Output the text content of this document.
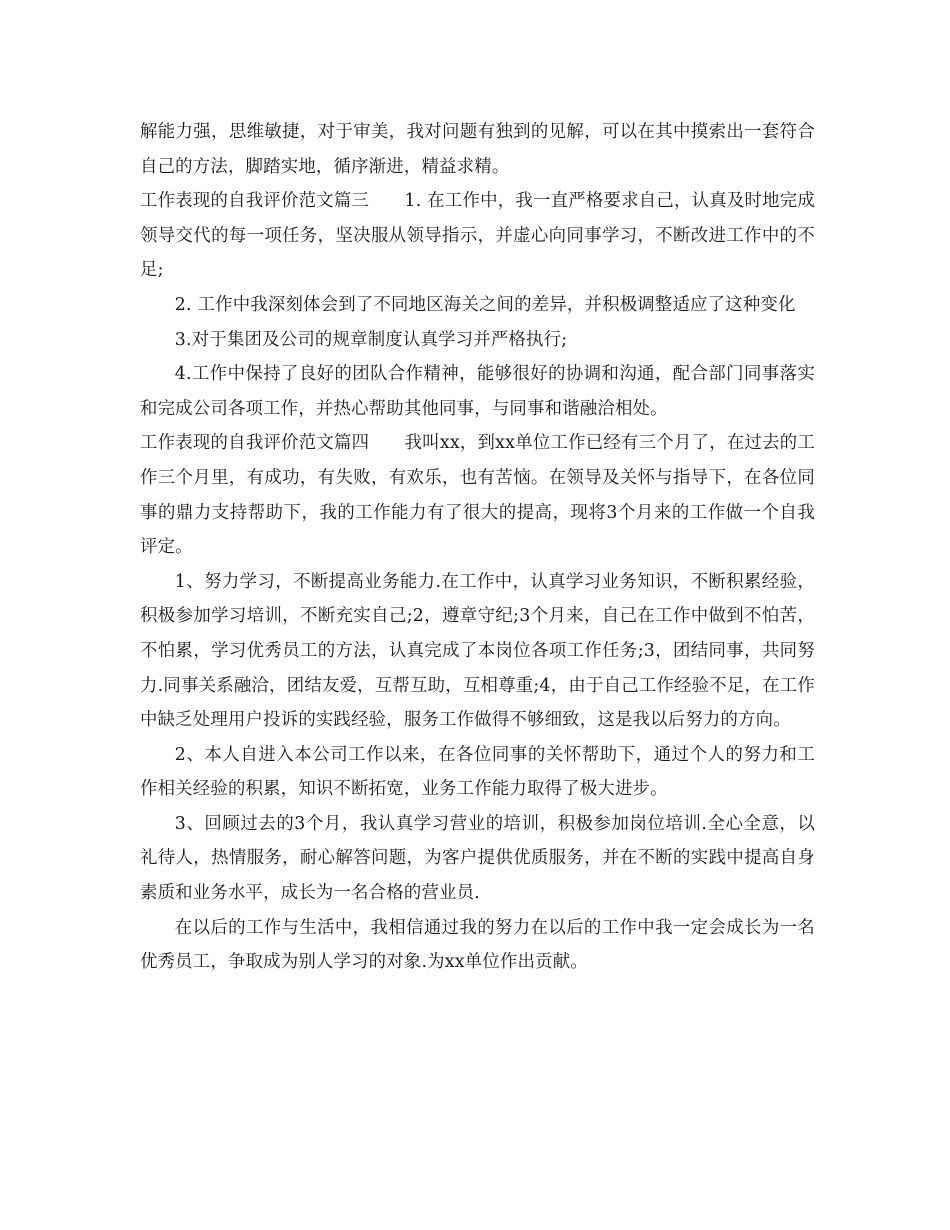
解能力强，思维敏捷，对于审美，我对问题有独到的见解，可以在其中摸索出一套符合自己的方法，脚踏实地，循序渐进，精益求精。

工作表现的自我评价范文篇三　　1. 在工作中，我一直严格要求自己，认真及时地完成领导交代的每一项任务，坚决服从领导指示，并虚心向同事学习，不断改进工作中的不足;

2. 工作中我深刻体会到了不同地区海关之间的差异，并积极调整适应了这种变化

3.对于集团及公司的规章制度认真学习并严格执行;

4.工作中保持了良好的团队合作精神，能够很好的协调和沟通，配合部门同事落实和完成公司各项工作，并热心帮助其他同事，与同事和谐融洽相处。

工作表现的自我评价范文篇四　　我叫xx，到xx单位工作已经有三个月了，在过去的工作三个月里，有成功，有失败，有欢乐，也有苦恼。在领导及关怀与指导下，在各位同事的鼎力支持帮助下，我的工作能力有了很大的提高，现将3个月来的工作做一个自我评定。

1、努力学习，不断提高业务能力.在工作中，认真学习业务知识，不断积累经验，积极参加学习培训，不断充实自己;2，遵章守纪;3个月来，自己在工作中做到不怕苦，不怕累，学习优秀员工的方法，认真完成了本岗位各项工作任务;3，团结同事，共同努力.同事关系融洽，团结友爱，互帮互助，互相尊重;4，由于自己工作经验不足，在工作中缺乏处理用户投诉的实践经验，服务工作做得不够细致，这是我以后努力的方向。

2、本人自进入本公司工作以来，在各位同事的关怀帮助下，通过个人的努力和工作相关经验的积累，知识不断拓宽，业务工作能力取得了极大进步。

3、回顾过去的3个月，我认真学习营业的培训，积极参加岗位培训.全心全意，以礼待人，热情服务，耐心解答问题，为客户提供优质服务，并在不断的实践中提高自身素质和业务水平，成长为一名合格的营业员.

在以后的工作与生活中，我相信通过我的努力在以后的工作中我一定会成长为一名优秀员工，争取成为别人学习的对象.为xx单位作出贡献。
